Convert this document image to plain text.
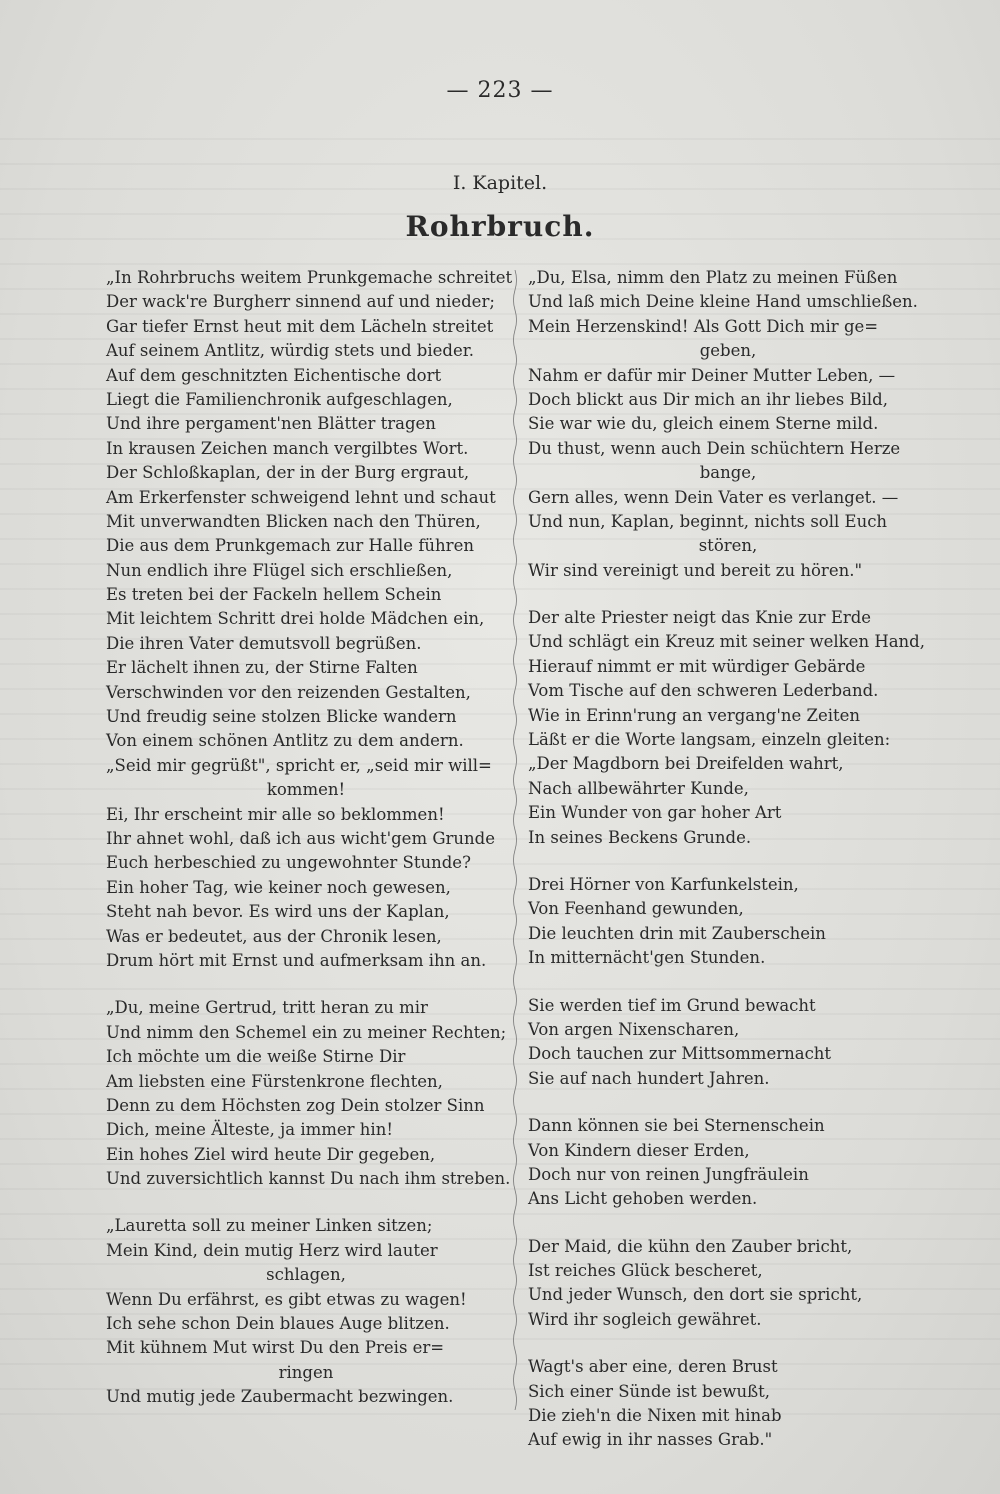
— 223 —
I. Kapitel.
Rohrbruch.
„In Rohrbruchs weitem Prunkgemache schreitet
Der wack're Burgherr sinnend auf und nieder;
Gar tiefer Ernst heut mit dem Lächeln streitet
Auf seinem Antlitz, würdig stets und bieder.
Auf dem geschnitzten Eichentische dort
Liegt die Familienchronik aufgeschlagen,
Und ihre pergament'nen Blätter tragen
In krausen Zeichen manch vergilbtes Wort.
Der Schloßkaplan, der in der Burg ergraut,
Am Erkerfenster schweigend lehnt und schaut
Mit unverwandten Blicken nach den Thüren,
Die aus dem Prunkgemach zur Halle führen
Nun endlich ihre Flügel sich erschließen,
Es treten bei der Fackeln hellem Schein
Mit leichtem Schritt drei holde Mädchen ein,
Die ihren Vater demutsvoll begrüßen.
Er lächelt ihnen zu, der Stirne Falten
Verschwinden vor den reizenden Gestalten,
Und freudig seine stolzen Blicke wandern
Von einem schönen Antlitz zu dem andern.
„Seid mir gegrüßt", spricht er, „seid mir will=
kommen!
Ei, Ihr erscheint mir alle so beklommen!
Ihr ahnet wohl, daß ich aus wicht'gem Grunde
Euch herbeschied zu ungewohnter Stunde?
Ein hoher Tag, wie keiner noch gewesen,
Steht nah bevor. Es wird uns der Kaplan,
Was er bedeutet, aus der Chronik lesen,
Drum hört mit Ernst und aufmerksam ihn an.
„Du, meine Gertrud, tritt heran zu mir
Und nimm den Schemel ein zu meiner Rechten;
Ich möchte um die weiße Stirne Dir
Am liebsten eine Fürstenkrone flechten,
Denn zu dem Höchsten zog Dein stolzer Sinn
Dich, meine Älteste, ja immer hin!
Ein hohes Ziel wird heute Dir gegeben,
Und zuversichtlich kannst Du nach ihm streben.
„Lauretta soll zu meiner Linken sitzen;
Mein Kind, dein mutig Herz wird lauter
schlagen,
Wenn Du erfährst, es gibt etwas zu wagen!
Ich sehe schon Dein blaues Auge blitzen.
Mit kühnem Mut wirst Du den Preis er=
ringen
Und mutig jede Zaubermacht bezwingen.
„Du, Elsa, nimm den Platz zu meinen Füßen
Und laß mich Deine kleine Hand umschließen.
Mein Herzenskind! Als Gott Dich mir ge=
geben,
Nahm er dafür mir Deiner Mutter Leben, —
Doch blickt aus Dir mich an ihr liebes Bild,
Sie war wie du, gleich einem Sterne mild.
Du thust, wenn auch Dein schüchtern Herze
bange,
Gern alles, wenn Dein Vater es verlanget. —
Und nun, Kaplan, beginnt, nichts soll Euch
stören,
Wir sind vereinigt und bereit zu hören."
Der alte Priester neigt das Knie zur Erde
Und schlägt ein Kreuz mit seiner welken Hand,
Hierauf nimmt er mit würdiger Gebärde
Vom Tische auf den schweren Lederband.
Wie in Erinn'rung an vergang'ne Zeiten
Läßt er die Worte langsam, einzeln gleiten:
„Der Magdborn bei Dreifelden wahrt,
Nach allbewährter Kunde,
Ein Wunder von gar hoher Art
In seines Beckens Grunde.
Drei Hörner von Karfunkelstein,
Von Feenhand gewunden,
Die leuchten drin mit Zauberschein
In mitternächt'gen Stunden.
Sie werden tief im Grund bewacht
Von argen Nixenscharen,
Doch tauchen zur Mittsommernacht
Sie auf nach hundert Jahren.
Dann können sie bei Sternenschein
Von Kindern dieser Erden,
Doch nur von reinen Jungfräulein
Ans Licht gehoben werden.
Der Maid, die kühn den Zauber bricht,
Ist reiches Glück bescheret,
Und jeder Wunsch, den dort sie spricht,
Wird ihr sogleich gewähret.
Wagt's aber eine, deren Brust
Sich einer Sünde ist bewußt,
Die zieh'n die Nixen mit hinab
Auf ewig in ihr nasses Grab."
